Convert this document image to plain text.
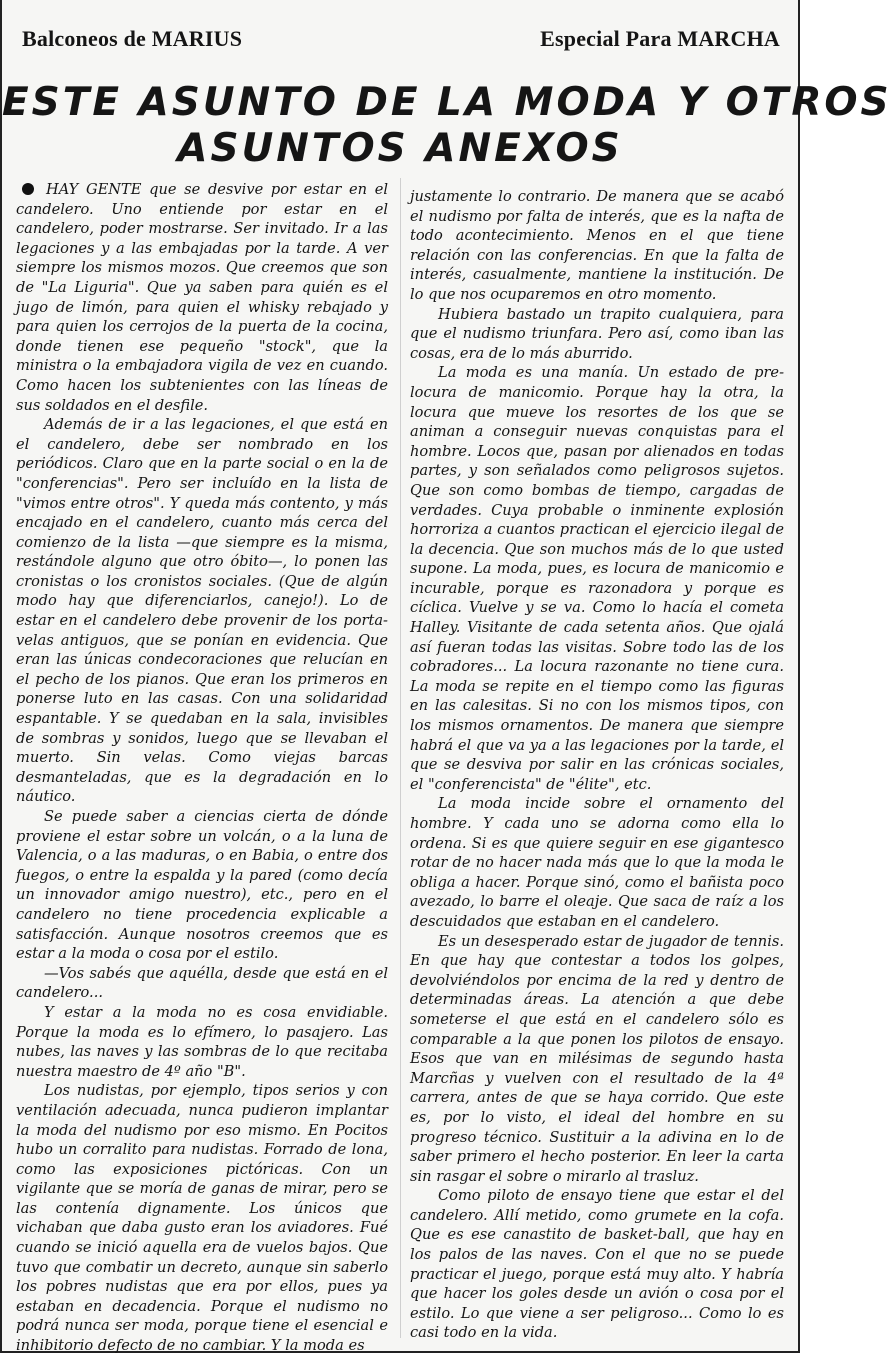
Balconeos de MARIUS	Especial Para MARCHA
ESTE ASUNTO DE LA MODA Y OTROS
ASUNTOS ANEXOS

HAY GENTE que se desvive por estar en el candelero. Uno entiende por estar en el candelero, poder mostrarse. Ser invitado. Ir a las legaciones y a las embajadas por la tarde. A ver siempre los mismos mozos. Que creemos que son de "La Liguria". Que ya saben para quién es el jugo de limón, para quien el whisky rebajado y para quien los cerrojos de la puerta de la cocina, donde tienen ese pequeño "stock", que la ministra o la embajadora vigila de vez en cuando. Como hacen los subtenientes con las líneas de sus soldados en el desfile.

Además de ir a las legaciones, el que está en el candelero, debe ser nombrado en los periódicos. Claro que en la parte social o en la de "conferencias". Pero ser incluído en la lista de "vimos entre otros". Y queda más contento, y más encajado en el candelero, cuanto más cerca del comienzo de la lista —que siempre es la misma, restándole alguno que otro óbito—, lo ponen las cronistas o los cronistos sociales. (Que de algún modo hay que diferenciarlos, canejo!). Lo de estar en el candelero debe provenir de los porta-velas antiguos, que se ponían en evidencia. Que eran las únicas condecoraciones que relucían en el pecho de los pianos. Que eran los primeros en ponerse luto en las casas. Con una solidaridad espantable. Y se quedaban en la sala, invisibles de sombras y sonidos, luego que se llevaban el muerto. Sin velas. Como viejas barcas desmanteladas, que es la degradación en lo náutico.

Se puede saber a ciencias cierta de dónde proviene el estar sobre un volcán, o a la luna de Valencia, o a las maduras, o en Babia, o entre dos fuegos, o entre la espalda y la pared (como decía un innovador amigo nuestro), etc., pero en el candelero no tiene procedencia explicable a satisfacción. Aunque nosotros creemos que es estar a la moda o cosa por el estilo.

—Vos sabés que aquélla, desde que está en el candelero...

Y estar a la moda no es cosa envidiable. Porque la moda es lo efímero, lo pasajero. Las nubes, las naves y las sombras de lo que recitaba nuestra maestro de 4º año "B".

Los nudistas, por ejemplo, tipos serios y con ventilación adecuada, nunca pudieron implantar la moda del nudismo por eso mismo. En Pocitos hubo un corralito para nudistas. Forrado de lona, como las exposiciones pictóricas. Con un vigilante que se moría de ganas de mirar, pero se las contenía dignamente. Los únicos que vichaban que daba gusto eran los aviadores. Fué cuando se inició aquella era de vuelos bajos. Que tuvo que combatir un decreto, aunque sin saberlo los pobres nudistas que era por ellos, pues ya estaban en decadencia. Porque el nudismo no podrá nunca ser moda, porque tiene el esencial e inhibitorio defecto de no cambiar. Y la moda es

justamente lo contrario. De manera que se acabó el nudismo por falta de interés, que es la nafta de todo acontecimiento. Menos en el que tiene relación con las conferencias. En que la falta de interés, casualmente, mantiene la institución. De lo que nos ocuparemos en otro momento.

Hubiera bastado un trapito cualquiera, para que el nudismo triunfara. Pero así, como iban las cosas, era de lo más aburrido.

La moda es una manía. Un estado de pre-locura de manicomio. Porque hay la otra, la locura que mueve los resortes de los que se animan a conseguir nuevas conquistas para el hombre. Locos que, pasan por alienados en todas partes, y son señalados como peligrosos sujetos. Que son como bombas de tiempo, cargadas de verdades. Cuya probable o inminente explosión horroriza a cuantos practican el ejercicio ilegal de la decencia. Que son muchos más de lo que usted supone. La moda, pues, es locura de manicomio e incurable, porque es razonadora y porque es cíclica. Vuelve y se va. Como lo hacía el cometa Halley. Visitante de cada setenta años. Que ojalá así fueran todas las visitas. Sobre todo las de los cobradores... La locura razonante no tiene cura. La moda se repite en el tiempo como las figuras en las calesitas. Si no con los mismos tipos, con los mismos ornamentos. De manera que siempre habrá el que va ya a las legaciones por la tarde, el que se desviva por salir en las crónicas sociales, el "conferencista" de "élite", etc.

La moda incide sobre el ornamento del hombre. Y cada uno se adorna como ella lo ordena. Si es que quiere seguir en ese gigantesco rotar de no hacer nada más que lo que la moda le obliga a hacer. Porque sinó, como el bañista poco avezado, lo barre el oleaje. Que saca de raíz a los descuidados que estaban en el candelero.

Es un desesperado estar de jugador de tennis. En que hay que contestar a todos los golpes, devolviéndolos por encima de la red y dentro de determinadas áreas. La atención a que debe someterse el que está en el candelero sólo es comparable a la que ponen los pilotos de ensayo. Esos que van en milésimas de segundo hasta Marcñas y vuelven con el resultado de la 4ª carrera, antes de que se haya corrido. Que este es, por lo visto, el ideal del hombre en su progreso técnico. Sustituir a la adivina en lo de saber primero el hecho posterior. En leer la carta sin rasgar el sobre o mirarlo al trasluz.

Como piloto de ensayo tiene que estar el del candelero. Allí metido, como grumete en la cofa. Que es ese canastito de basket-ball, que hay en los palos de las naves. Con el que no se puede practicar el juego, porque está muy alto. Y habría que hacer los goles desde un avión o cosa por el estilo. Lo que viene a ser peligroso... Como lo es casi todo en la vida.
